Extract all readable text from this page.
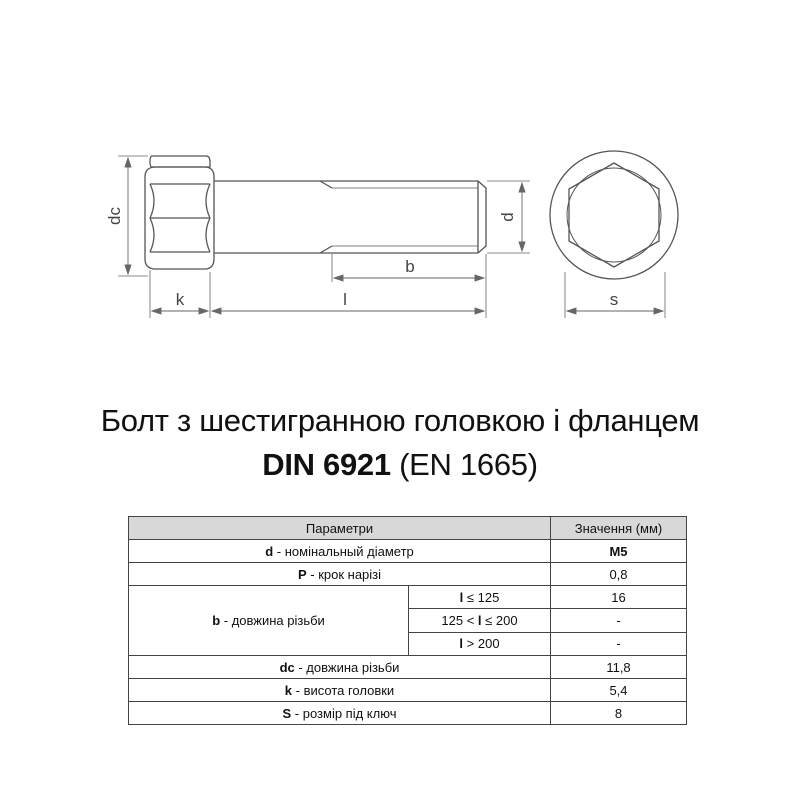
dc	d
k	l
b
s
Болт з шестигранною головкою і фланцем
DIN 6921 (EN 1665)
Параметри		Значення (мм)
d - номінальный діаметр		M5
P - крок нарізі		0,8
b - довжина різьби	l ≤ 125	16
	125 < l ≤ 200	-
	l > 200	-
dc - довжина різьби		11,8
k - висота головки		5,4
S - розмір під ключ		8
